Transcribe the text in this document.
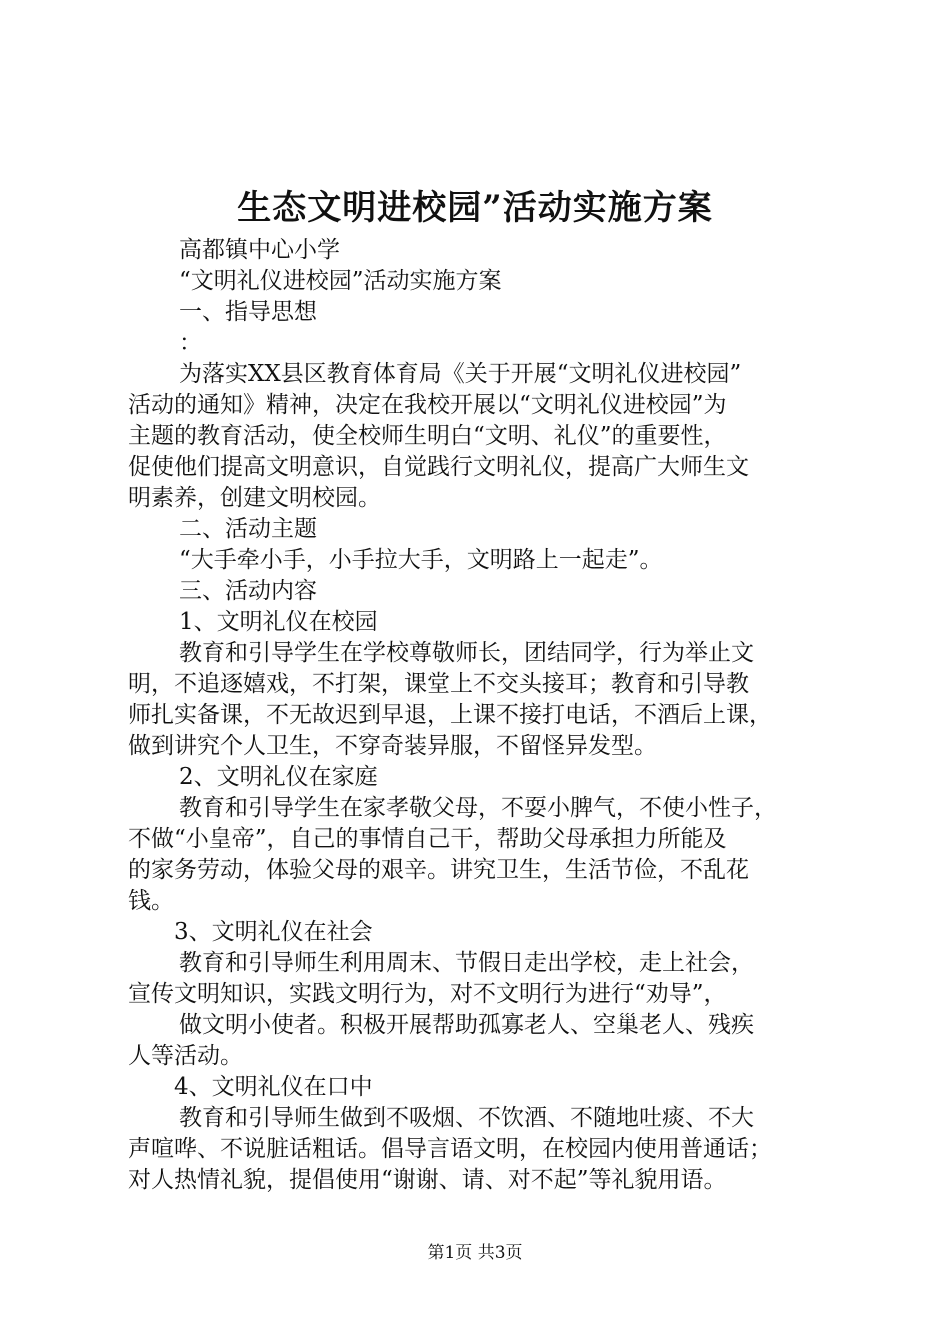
生态文明进校园”活动实施方案
高都镇中心小学
“文明礼仪进校园”活动实施方案
一、指导思想
：
为落实XX县区教育体育局《关于开展“文明礼仪进校园”
活动的通知》精神，决定在我校开展以“文明礼仪进校园”为
主题的教育活动，使全校师生明白“文明、礼仪”的重要性，
促使他们提高文明意识，自觉践行文明礼仪，提高广大师生文
明素养，创建文明校园。
二、活动主题
“大手牵小手，小手拉大手，文明路上一起走”。
三、活动内容
1、文明礼仪在校园
教育和引导学生在学校尊敬师长，团结同学，行为举止文
明，不追逐嬉戏，不打架，课堂上不交头接耳；教育和引导教
师扎实备课，不无故迟到早退，上课不接打电话，不酒后上课，
做到讲究个人卫生，不穿奇装异服，不留怪异发型。
2、文明礼仪在家庭
教育和引导学生在家孝敬父母，不耍小脾气，不使小性子，
不做“小皇帝”，自己的事情自己干，帮助父母承担力所能及
的家务劳动，体验父母的艰辛。讲究卫生，生活节俭，不乱花
钱。
3、文明礼仪在社会
教育和引导师生利用周末、节假日走出学校，走上社会，
宣传文明知识，实践文明行为，对不文明行为进行“劝导”，
做文明小使者。积极开展帮助孤寡老人、空巢老人、残疾
人等活动。
4、文明礼仪在口中
教育和引导师生做到不吸烟、不饮酒、不随地吐痰、不大
声喧哗、不说脏话粗话。倡导言语文明，在校园内使用普通话；
对人热情礼貌，提倡使用“谢谢、请、对不起”等礼貌用语。
第1页 共3页
